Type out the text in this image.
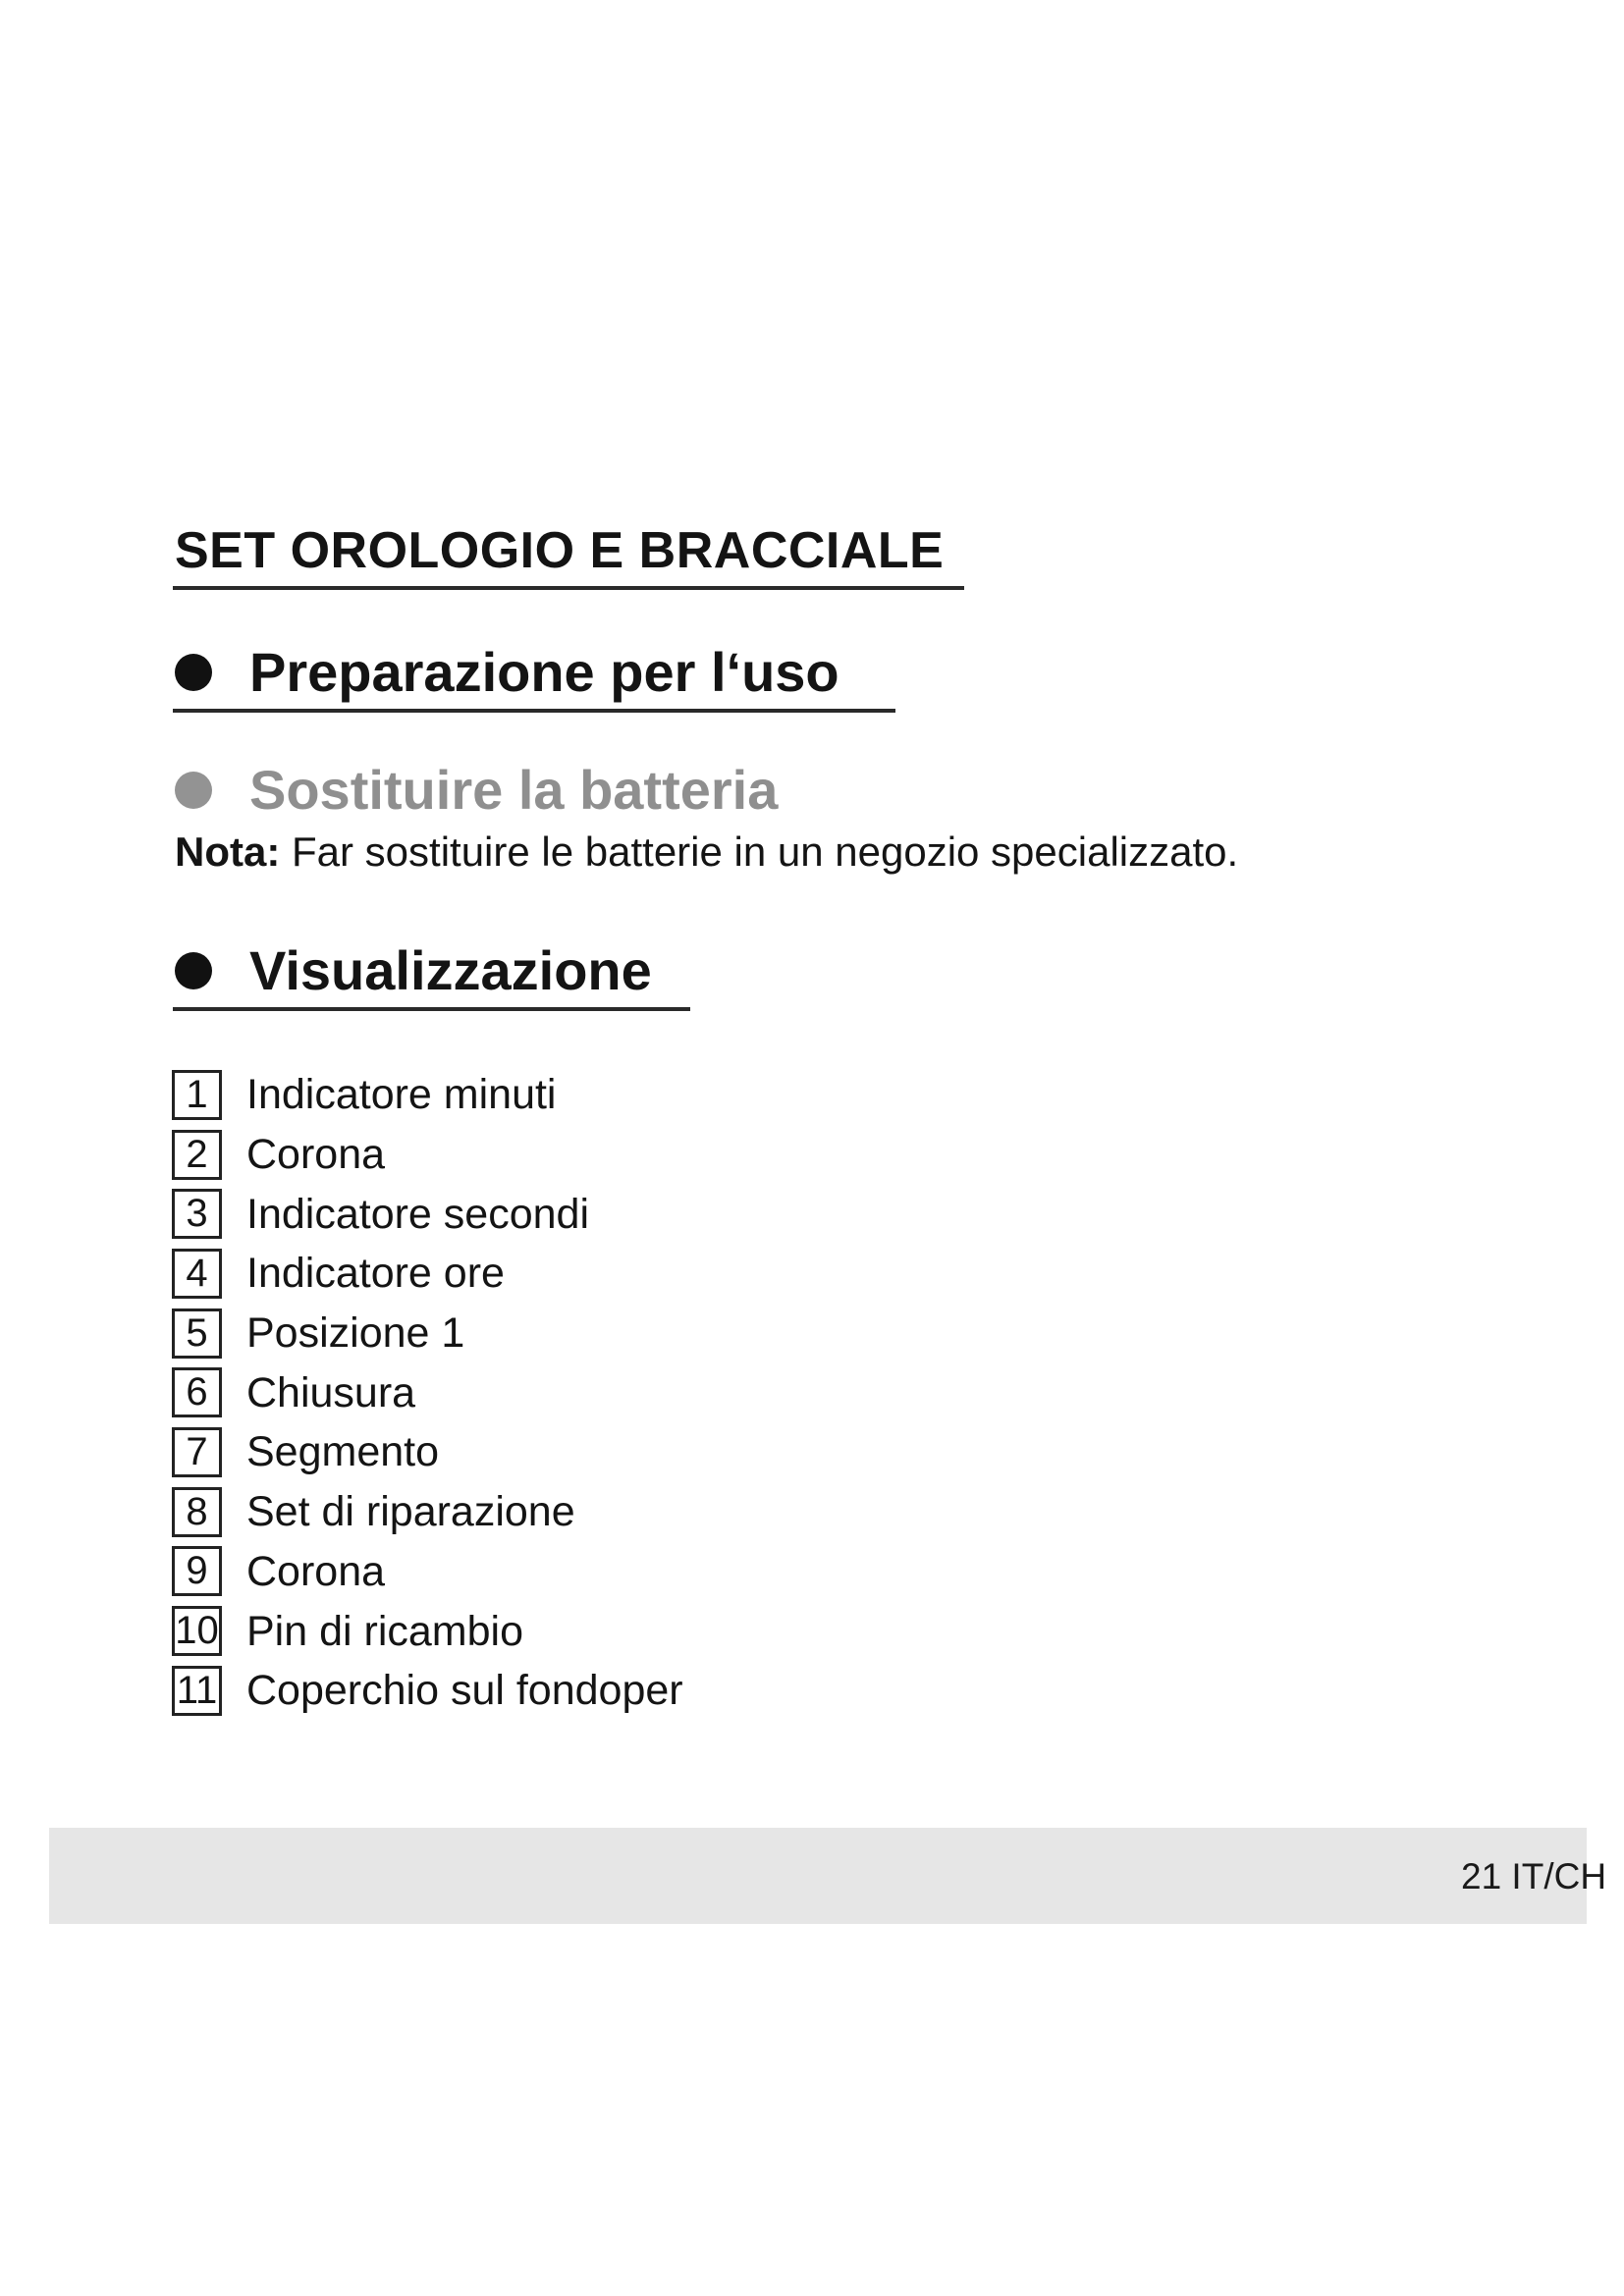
SET OROLOGIO E BRACCIALE
Preparazione per l‘uso
Sostituire la batteria
Nota: Far sostituire le batterie in un negozio specializzato.
Visualizzazione
1 Indicatore minuti
2 Corona
3 Indicatore secondi
4 Indicatore ore
5 Posizione 1
6 Chiusura
7 Segmento
8 Set di riparazione
9 Corona
10 Pin di ricambio
11 Coperchio sul fondoper
21 IT/CH
